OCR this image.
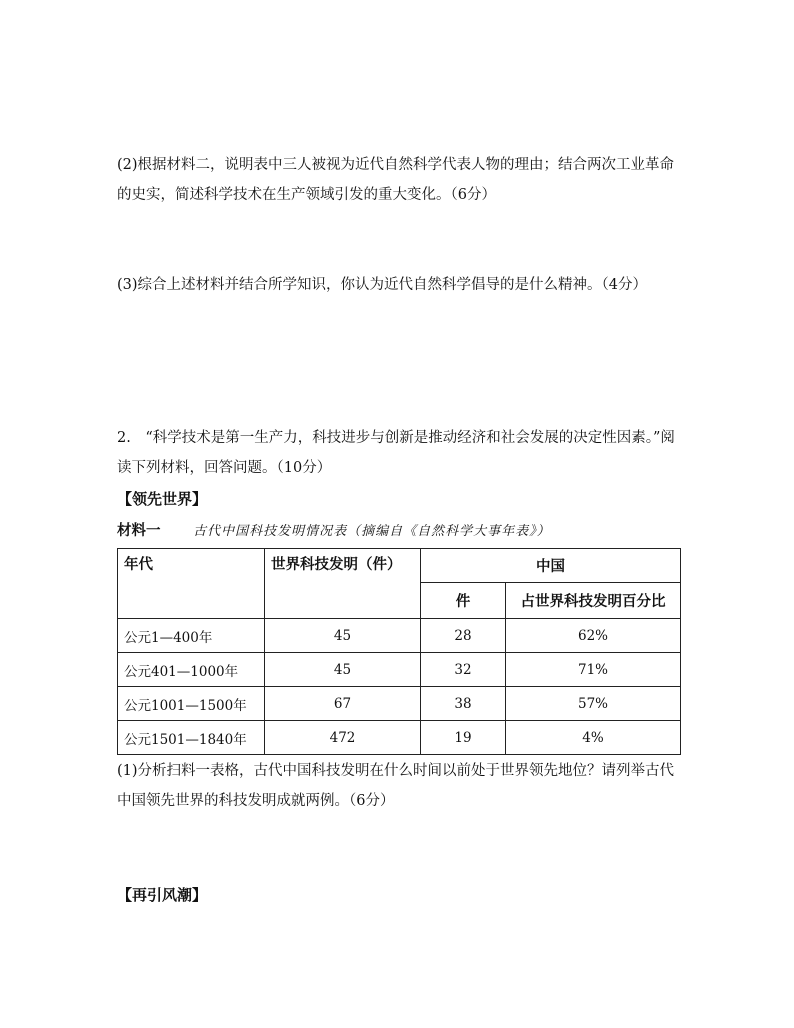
(2)根据材料二，说明表中三人被视为近代自然科学代表人物的理由；结合两次工业革命的史实，简述科学技术在生产领域引发的重大变化。（6分）
(3)综合上述材料并结合所学知识，你认为近代自然科学倡导的是什么精神。（4分）
2.　“科学技术是第一生产力，科技进步与创新是推动经济和社会发展的决定性因素。”阅读下列材料，回答问题。（10分）
【领先世界】
材料一	古代中国科技发明情况表（摘编自《自然科学大事年表》）
年代	世界科技发明（件）	中国	
		件	占世界科技发明百分比
公元1—400年	45	28	62%
公元401—1000年	45	32	71%
公元1001—1500年	67	38	57%
公元1501—1840年	472	19	4%
(1)分析扫料一表格，古代中国科技发明在什么时间以前处于世界领先地位？请列举古代中国领先世界的科技发明成就两例。（6分）
【再引风潮】
